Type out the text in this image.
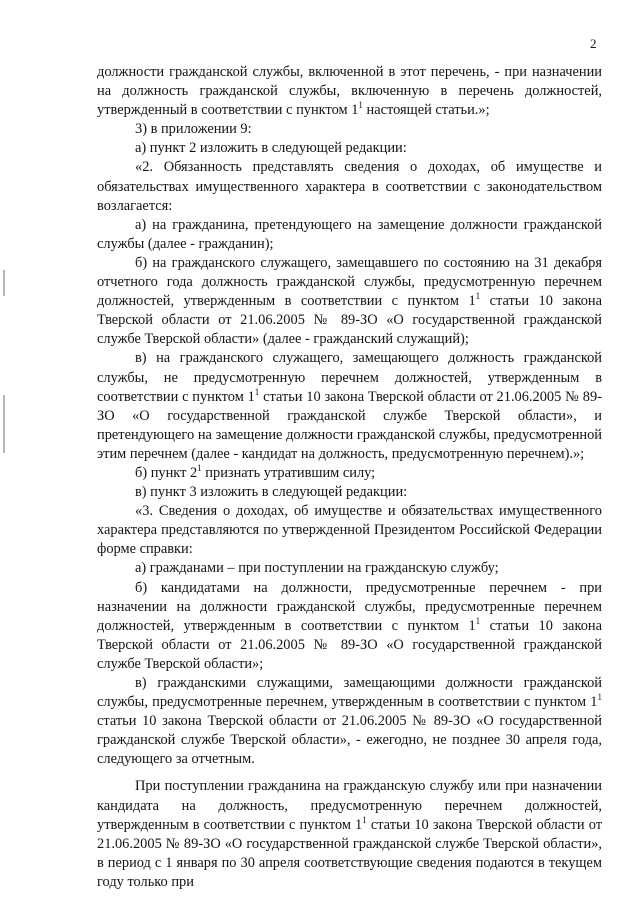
2

должности гражданской службы, включенной в этот перечень, - при назначении на должность гражданской службы, включенную в перечень должностей, утвержденный в соответствии с пунктом $1^1$ настоящей статьи.»;

3) в приложении 9:

а) пункт 2 изложить в следующей редакции:

«2. Обязанность представлять сведения о доходах, об имуществе и обязательствах имущественного характера в соответствии с законодательством возлагается:

а) на гражданина, претендующего на замещение должности гражданской службы (далее - гражданин);

б) на гражданского служащего, замещавшего по состоянию на 31 декабря отчетного года должность гражданской службы, предусмотренную перечнем должностей, утвержденным в соответствии с пунктом $1^1$ статьи 10 закона Тверской области от 21.06.2005 № 89-ЗО «О государственной гражданской службе Тверской области» (далее - гражданский служащий);

в) на гражданского служащего, замещающего должность гражданской службы, не предусмотренную перечнем должностей, утвержденным в соответствии с пунктом $1^1$ статьи 10 закона Тверской области от 21.06.2005 № 89-ЗО «О государственной гражданской службе Тверской области», и претендующего на замещение должности гражданской службы, предусмотренной этим перечнем (далее - кандидат на должность, предусмотренную перечнем).»;

б) пункт $2^1$ признать утратившим силу;

в) пункт 3 изложить в следующей редакции:

«3. Сведения о доходах, об имуществе и обязательствах имущественного характера представляются по утвержденной Президентом Российской Федерации форме справки:

а) гражданами – при поступлении на гражданскую службу;

б) кандидатами на должности, предусмотренные перечнем - при назначении на должности гражданской службы, предусмотренные перечнем должностей, утвержденным в соответствии с пунктом $1^1$ статьи 10 закона Тверской области от 21.06.2005 № 89-ЗО «О государственной гражданской службе Тверской области»;

в) гражданскими служащими, замещающими должности гражданской службы, предусмотренные перечнем, утвержденным в соответствии с пунктом $1^1$ статьи 10 закона Тверской области от 21.06.2005 № 89-ЗО «О государственной гражданской службе Тверской области», - ежегодно, не позднее 30 апреля года, следующего за отчетным.

При поступлении гражданина на гражданскую службу или при назначении кандидата на должность, предусмотренную перечнем должностей, утвержденным в соответствии с пунктом $1^1$ статьи 10 закона Тверской области от 21.06.2005 № 89-ЗО «О государственной гражданской службе Тверской области», в период с 1 января по 30 апреля соответствующие сведения подаются в текущем году только при
